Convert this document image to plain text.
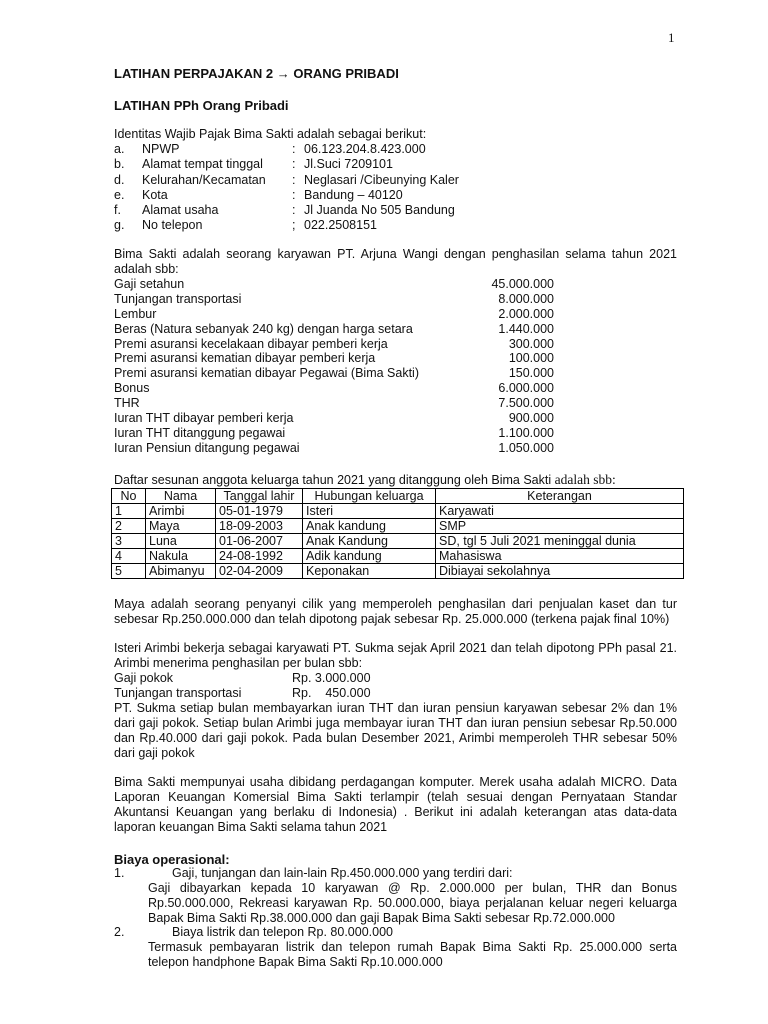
1
LATIHAN PERPAJAKAN 2 → ORANG PRIBADI
LATIHAN PPh Orang Pribadi
Identitas Wajib Pajak Bima Sakti adalah sebagai berikut:
a.	NPWP	: 06.123.204.8.423.000
b.	Alamat tempat tinggal	: Jl.Suci 7209101
d.	Kelurahan/Kecamatan	: Neglasari /Cibeunying Kaler
e.	Kota	: Bandung – 40120
f.	Alamat usaha	: Jl Juanda No 505 Bandung
g.	No telepon	; 022.2508151
Bima Sakti adalah seorang karyawan PT. Arjuna Wangi dengan penghasilan selama tahun 2021 adalah sbb:
Gaji setahun	45.000.000
Tunjangan transportasi	8.000.000
Lembur	2.000.000
Beras (Natura sebanyak 240 kg) dengan harga setara	1.440.000
Premi asuransi kecelakaan dibayar pemberi kerja	300.000
Premi asuransi kematian dibayar pemberi kerja	100.000
Premi asuransi kematian dibayar Pegawai (Bima Sakti)	150.000
Bonus	6.000.000
THR	7.500.000
Iuran THT dibayar pemberi kerja	900.000
Iuran THT ditanggung pegawai	1.100.000
Iuran Pensiun ditangung pegawai	1.050.000
Daftar sesunan anggota keluarga tahun 2021 yang ditanggung oleh Bima Sakti adalah sbb:
No	Nama	Tanggal lahir	Hubungan keluarga	Keterangan
1	Arimbi	05-01-1979	Isteri	Karyawati
2	Maya	18-09-2003	Anak kandung	SMP
3	Luna	01-06-2007	Anak Kandung	SD, tgl 5 Juli 2021 meninggal dunia
4	Nakula	24-08-1992	Adik kandung	Mahasiswa
5	Abimanyu	02-04-2009	Keponakan	Dibiayai sekolahnya
Maya adalah seorang penyanyi cilik yang memperoleh penghasilan dari penjualan kaset dan tur sebesar Rp.250.000.000 dan telah dipotong pajak sebesar Rp. 25.000.000 (terkena pajak final 10%)
Isteri Arimbi bekerja sebagai karyawati PT. Sukma sejak April 2021 dan telah dipotong PPh pasal 21. Arimbi menerima penghasilan per bulan sbb:
Gaji pokok	Rp. 3.000.000
Tunjangan transportasi	Rp.    450.000
PT. Sukma setiap bulan membayarkan iuran THT dan iuran pensiun karyawan sebesar 2% dan 1% dari gaji pokok. Setiap bulan Arimbi juga membayar iuran THT dan iuran pensiun sebesar Rp.50.000 dan Rp.40.000 dari gaji pokok. Pada bulan Desember 2021, Arimbi memperoleh THR sebesar 50% dari gaji pokok
Bima Sakti mempunyai usaha dibidang perdagangan komputer. Merek usaha adalah MICRO. Data Laporan Keuangan Komersial Bima Sakti terlampir (telah sesuai dengan Pernyataan Standar Akuntansi Keuangan yang berlaku di Indonesia) . Berikut ini adalah keterangan atas data-data laporan keuangan Bima Sakti selama tahun 2021
Biaya operasional:
1.	Gaji, tunjangan dan lain-lain Rp.450.000.000 yang terdiri dari:
Gaji dibayarkan kepada 10 karyawan @ Rp. 2.000.000 per bulan, THR dan Bonus Rp.50.000.000, Rekreasi karyawan Rp. 50.000.000, biaya perjalanan keluar negeri keluarga Bapak Bima Sakti Rp.38.000.000 dan gaji Bapak Bima Sakti sebesar Rp.72.000.000
2.	Biaya listrik dan telepon Rp. 80.000.000
Termasuk pembayaran listrik dan telepon rumah Bapak Bima Sakti Rp. 25.000.000 serta telepon handphone Bapak Bima Sakti Rp.10.000.000
